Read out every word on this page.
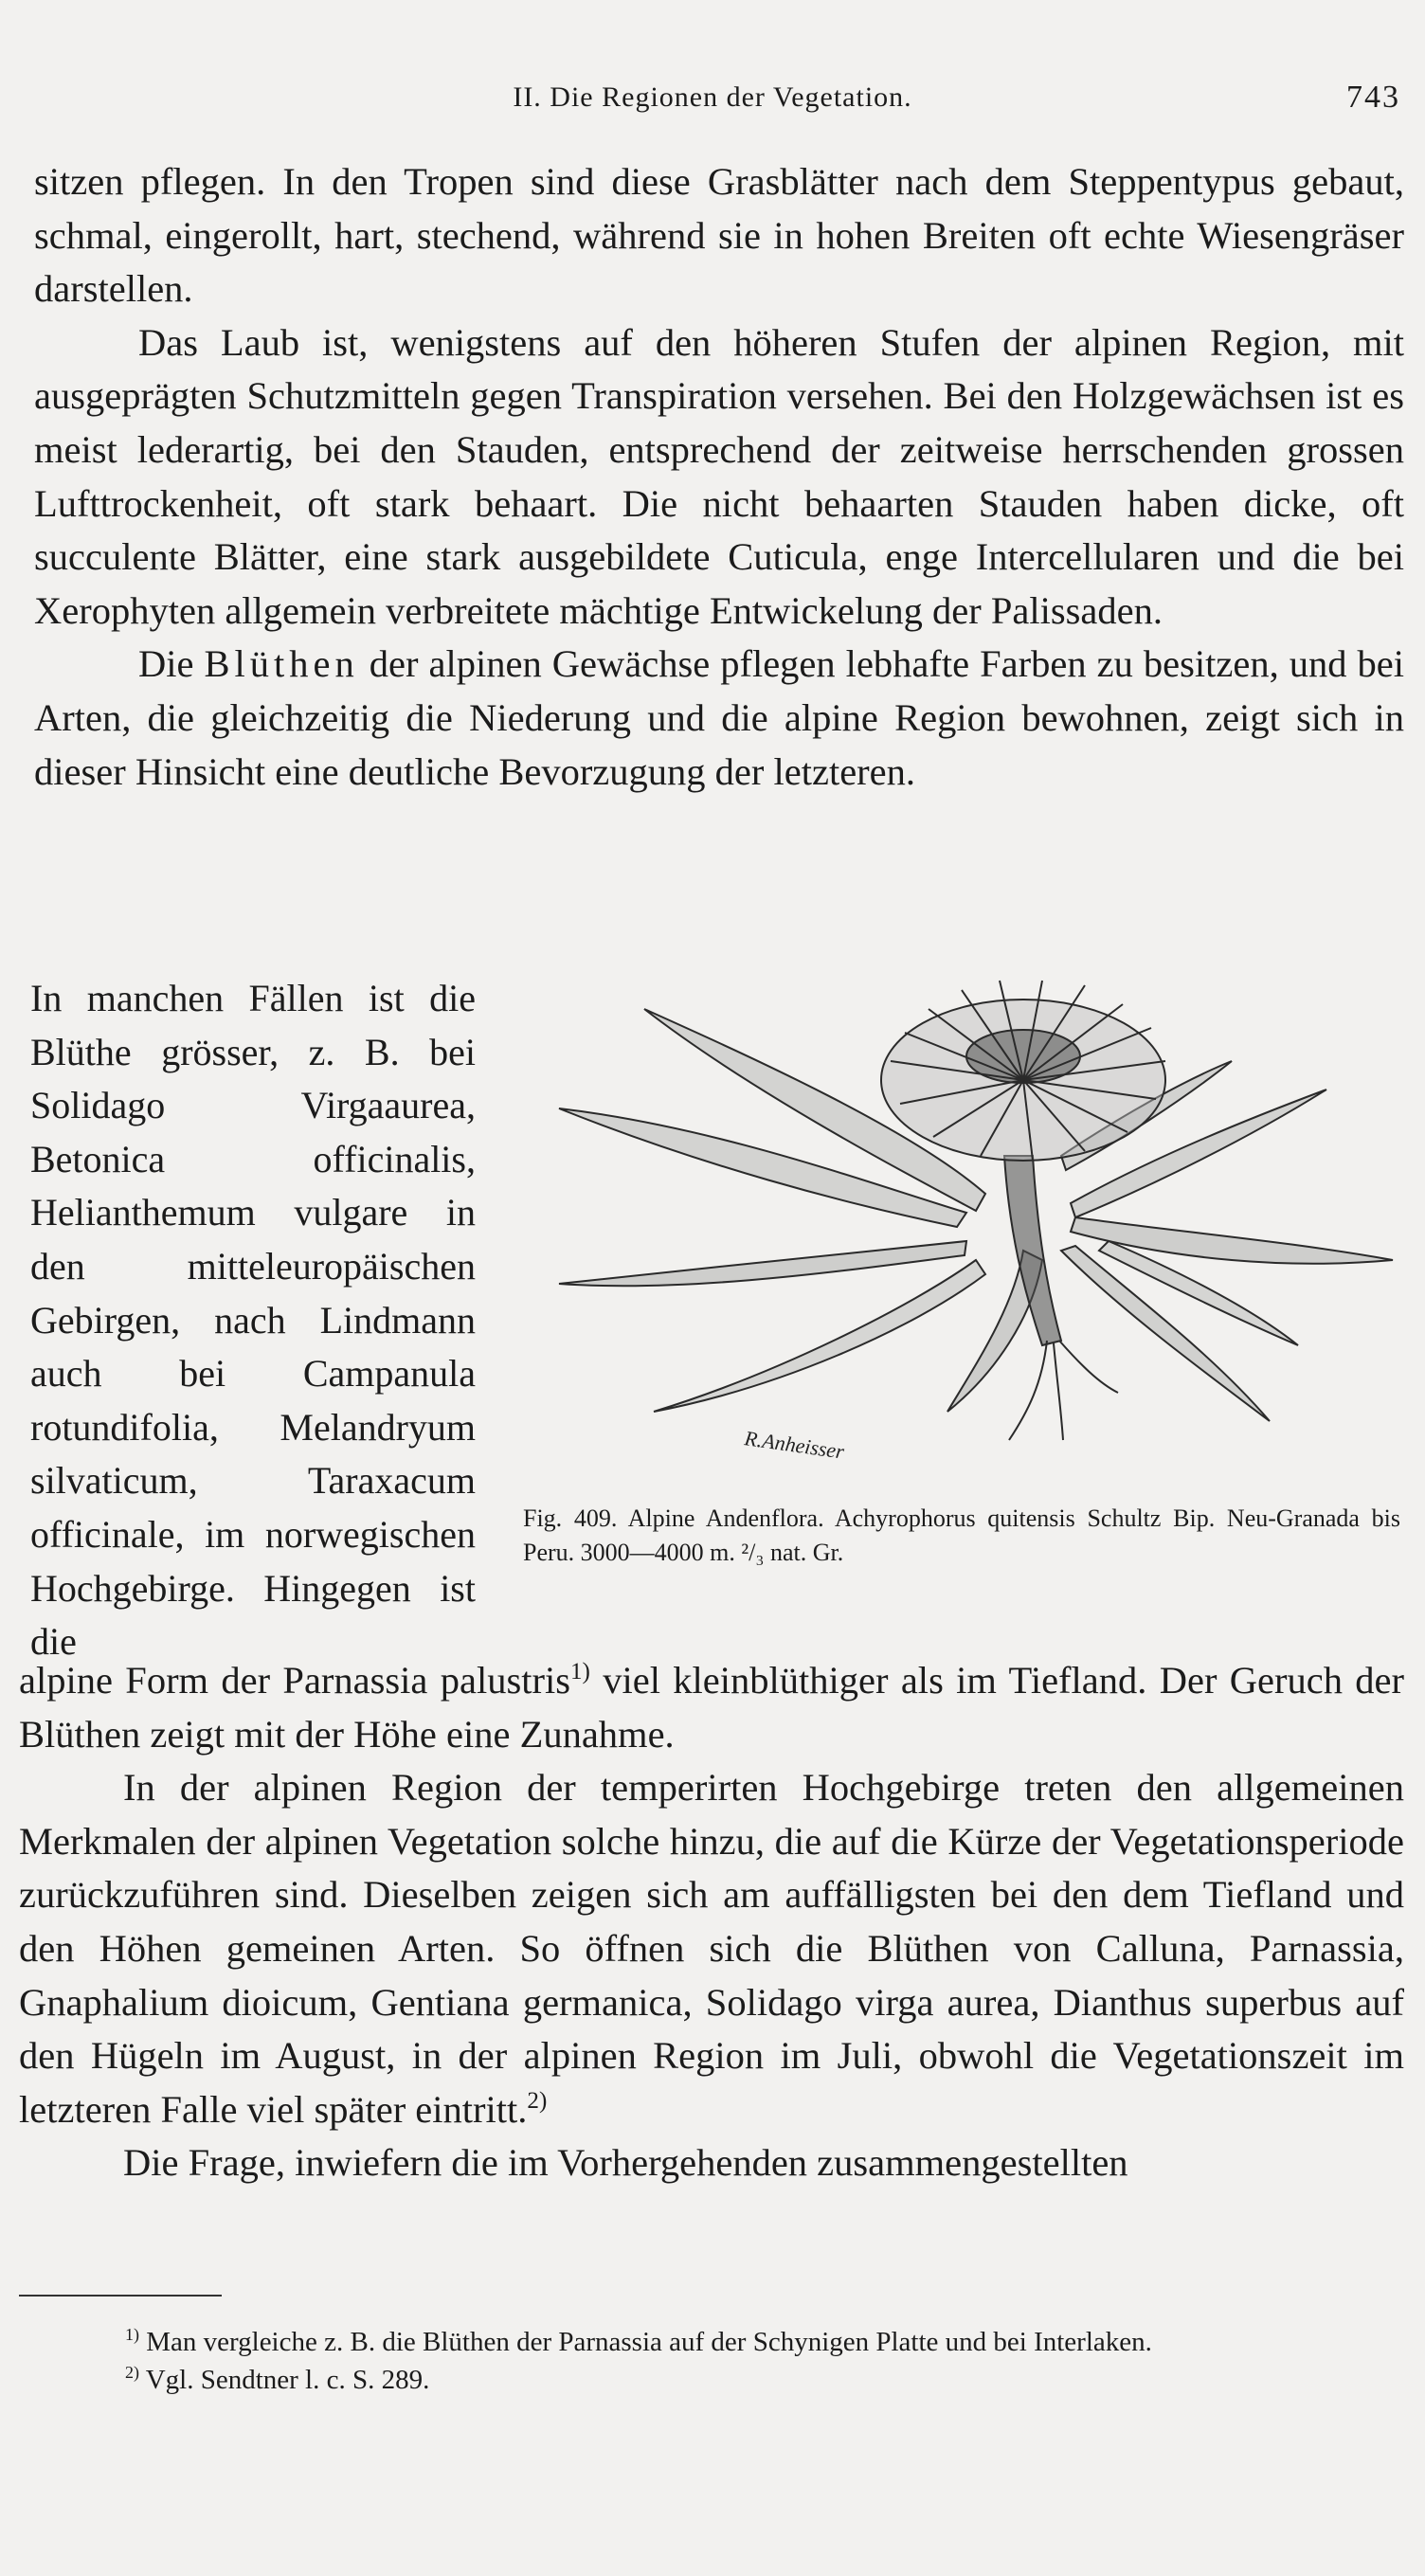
II. Die Regionen der Vegetation.	743

sitzen pflegen. In den Tropen sind diese Grasblätter nach dem Steppentypus gebaut, schmal, eingerollt, hart, stechend, während sie in hohen Breiten oft echte Wiesengräser darstellen.

Das Laub ist, wenigstens auf den höheren Stufen der alpinen Region, mit ausgeprägten Schutzmitteln gegen Transpiration versehen. Bei den Holzgewächsen ist es meist lederartig, bei den Stauden, entsprechend der zeitweise herrschenden grossen Lufttrockenheit, oft stark behaart. Die nicht behaarten Stauden haben dicke, oft succulente Blätter, eine stark ausgebildete Cuticula, enge Intercellularen und die bei Xerophyten allgemein verbreitete mächtige Entwickelung der Palissaden.

Die Blüthen der alpinen Gewächse pflegen lebhafte Farben zu besitzen, und bei Arten, die gleichzeitig die Niederung und die alpine Region bewohnen, zeigt sich in dieser Hinsicht eine deutliche Bevorzugung der letzteren.

In manchen Fällen ist die Blüthe grösser, z. B. bei Solidago Virgaaurea, Betonica officinalis, Helianthemum vulgare in den mitteleuropäischen Gebirgen, nach Lindmann auch bei Campanula rotundifolia, Melandryum silvaticum, Taraxacum officinale, im norwegischen Hochgebirge. Hingegen ist die

R.Anheisser
Fig. 409. Alpine Andenflora. Achyrophorus quitensis Schultz Bip. Neu-Granada bis Peru. 3000—4000 m. ²/₃ nat. Gr.

alpine Form der Parnassia palustris$^{1)}$ viel kleinblüthiger als im Tiefland. Der Geruch der Blüthen zeigt mit der Höhe eine Zunahme.

In der alpinen Region der temperirten Hochgebirge treten den allgemeinen Merkmalen der alpinen Vegetation solche hinzu, die auf die Kürze der Vegetationsperiode zurückzuführen sind. Dieselben zeigen sich am auffälligsten bei den dem Tiefland und den Höhen gemeinen Arten. So öffnen sich die Blüthen von Calluna, Parnassia, Gnaphalium dioicum, Gentiana germanica, Solidago virga aurea, Dianthus superbus auf den Hügeln im August, in der alpinen Region im Juli, obwohl die Vegetationszeit im letzteren Falle viel später eintritt.$^{2)}$

Die Frage, inwiefern die im Vorhergehenden zusammengestellten

$^{1)}$ Man vergleiche z. B. die Blüthen der Parnassia auf der Schynigen Platte und bei Interlaken.

$^{2)}$ Vgl. Sendtner l. c. S. 289.
